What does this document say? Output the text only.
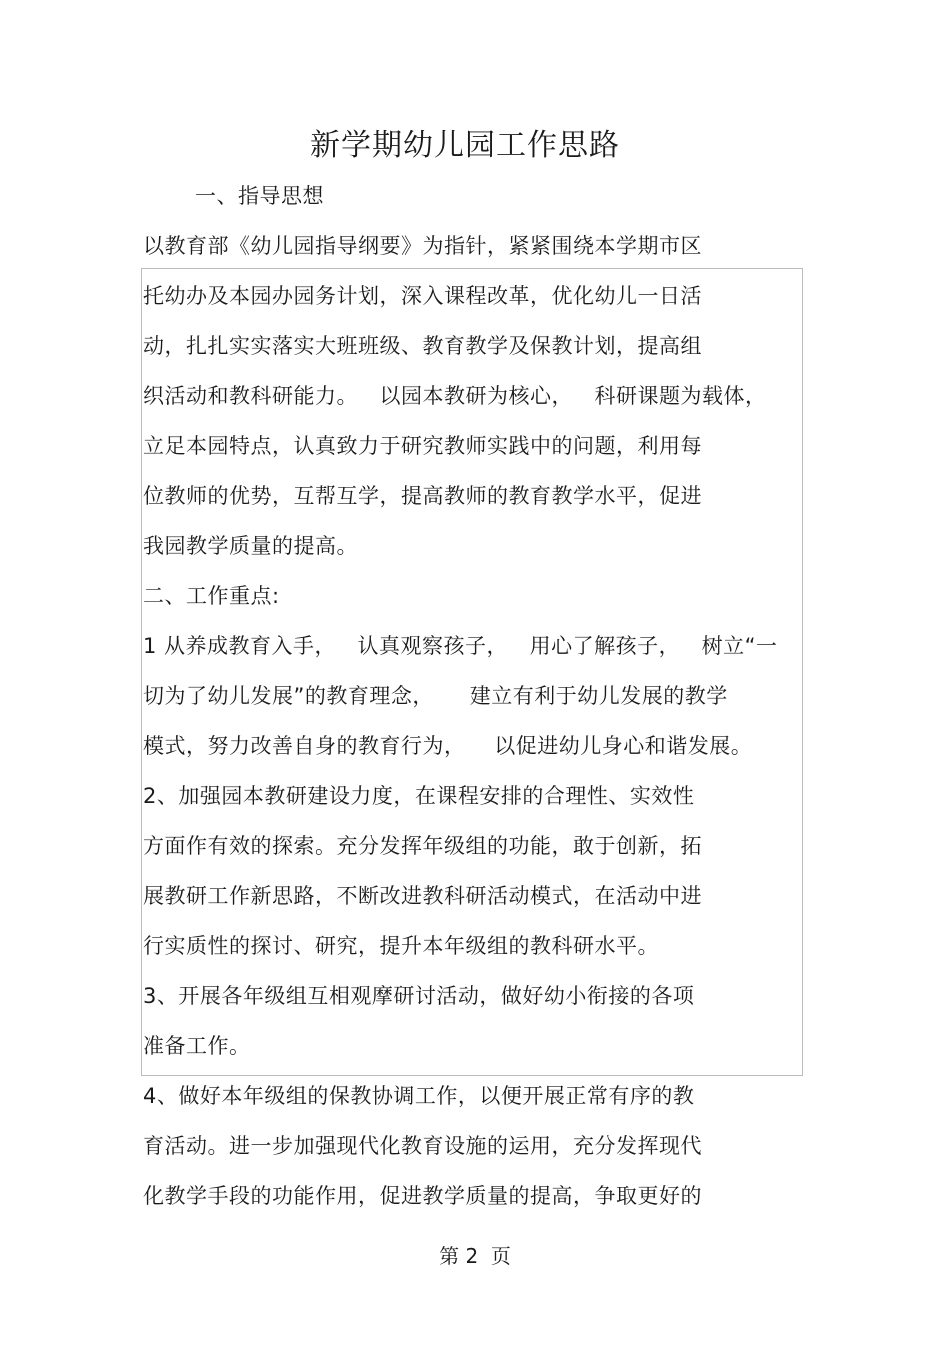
新学期幼儿园工作思路
一、指导思想
以教育部《幼儿园指导纲要》为指针，紧紧围绕本学期市区
托幼办及本园办园务计划，深入课程改革，优化幼儿一日活
动，扎扎实实落实大班班级、教育教学及保教计划，提高组
织活动和教科研能力。   以园本教研为核心，   科研课题为载体，
立足本园特点，认真致力于研究教师实践中的问题，利用每
位教师的优势，互帮互学，提高教师的教育教学水平，促进
我园教学质量的提高。
二、工作重点:
1 从养成教育入手，   认真观察孩子，   用心了解孩子，   树立“一
切为了幼儿发展”的教育理念，     建立有利于幼儿发展的教学
模式，努力改善自身的教育行为，    以促进幼儿身心和谐发展。
2、加强园本教研建设力度，在课程安排的合理性、实效性
方面作有效的探索。充分发挥年级组的功能，敢于创新，拓
展教研工作新思路，不断改进教科研活动模式，在活动中进
行实质性的探讨、研究，提升本年级组的教科研水平。
3、开展各年级组互相观摩研讨活动，做好幼小衔接的各项
准备工作。
4、做好本年级组的保教协调工作，以便开展正常有序的教
育活动。进一步加强现代化教育设施的运用，充分发挥现代
化教学手段的功能作用，促进教学质量的提高，争取更好的
第 2  页
